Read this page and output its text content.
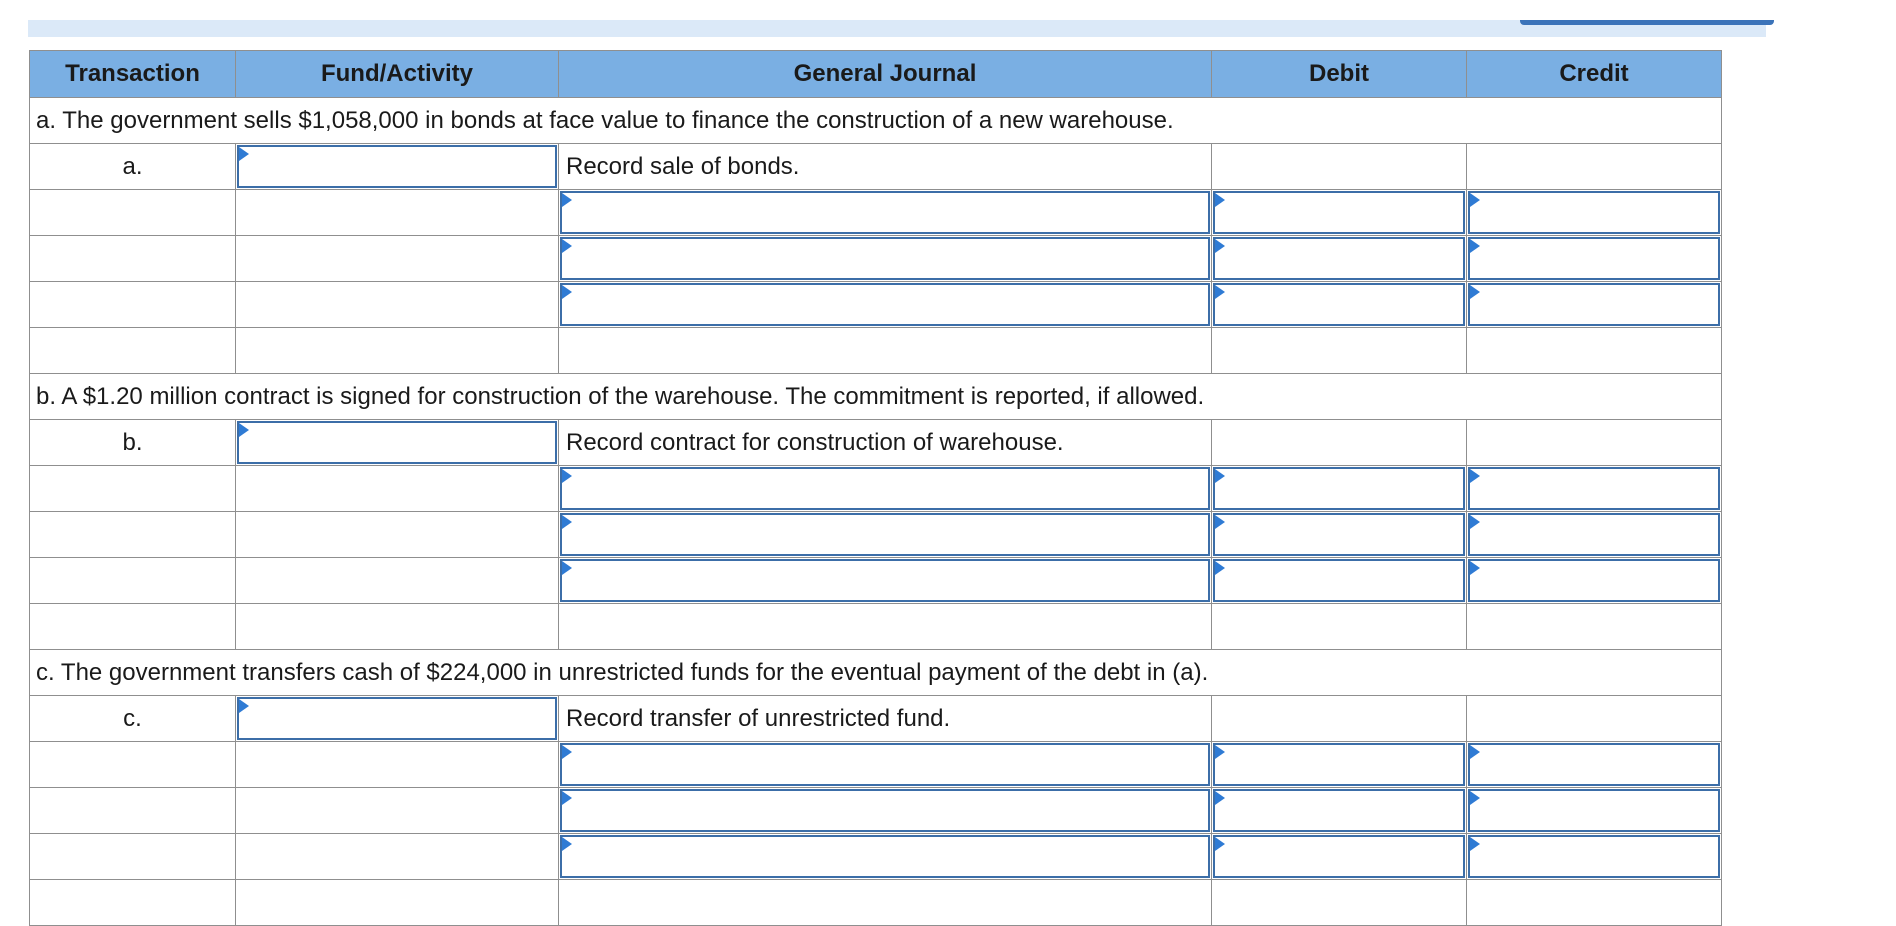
Transaction	Fund/Activity	General Journal	Debit	Credit
a. The government sells $1,058,000 in bonds at face value to finance the construction of a new warehouse.				
a.		Record sale of bonds.		

b. A $1.20 million contract is signed for construction of the warehouse. The commitment is reported, if allowed.				
b.		Record contract for construction of warehouse.		

c. The government transfers cash of $224,000 in unrestricted funds for the eventual payment of the debt in (a).				
c.		Record transfer of unrestricted fund.		
